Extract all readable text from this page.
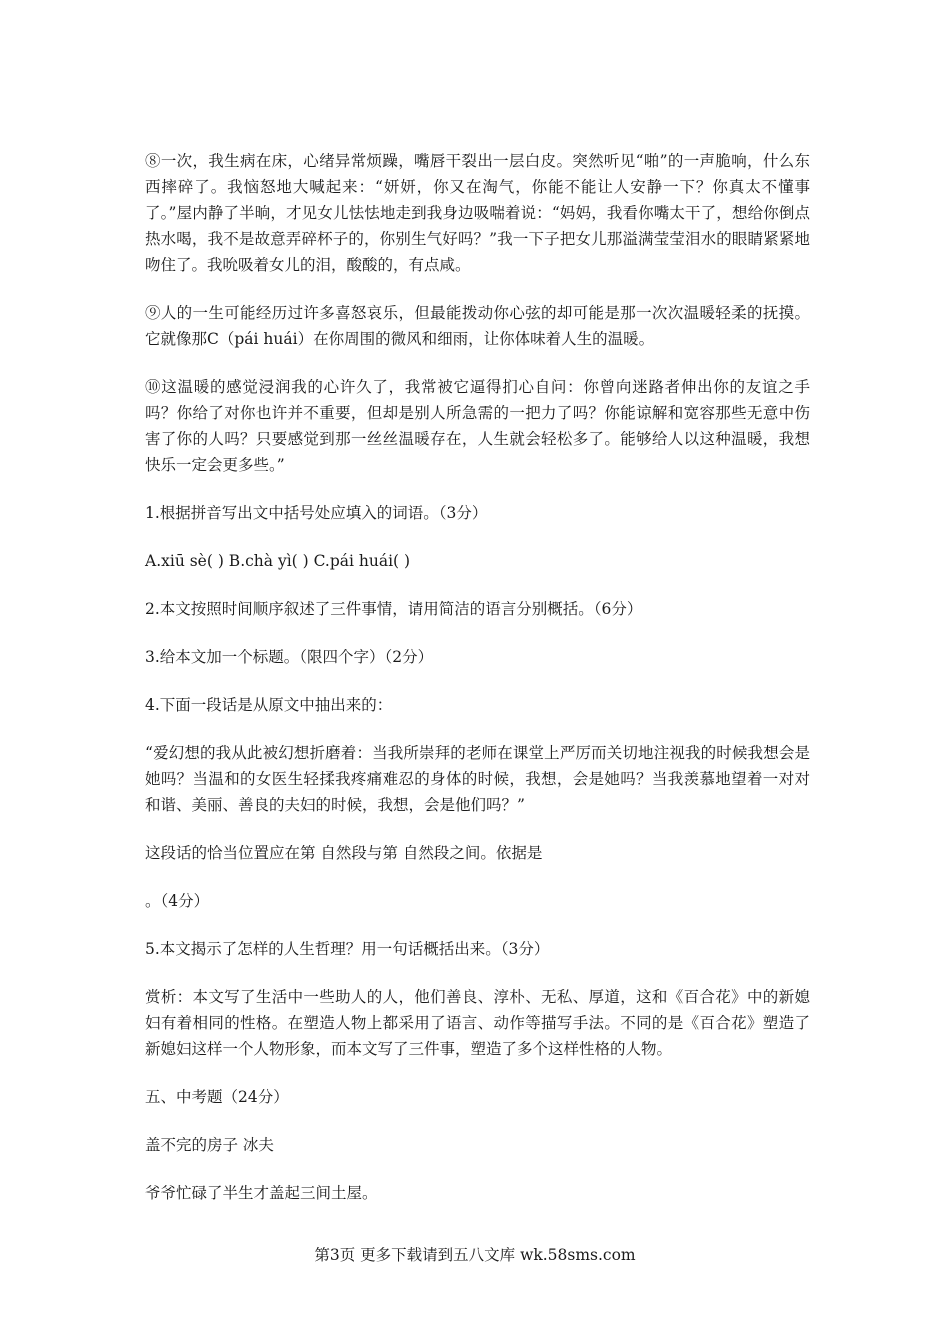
⑧一次，我生病在床，心绪异常烦躁，嘴唇干裂出一层白皮。突然听见“啪”的一声脆响，什么东西摔碎了。我恼怒地大喊起来：“妍妍，你又在淘气，你能不能让人安静一下？你真太不懂事了。”屋内静了半晌，才见女儿怯怯地走到我身边吸喘着说：“妈妈，我看你嘴太干了，想给你倒点热水喝，我不是故意弄碎杯子的，你别生气好吗？”我一下子把女儿那溢满莹莹泪水的眼睛紧紧地吻住了。我吮吸着女儿的泪，酸酸的，有点咸。

⑨人的一生可能经历过许多喜怒哀乐，但最能拨动你心弦的却可能是那一次次温暖轻柔的抚摸。它就像那C（pái huái）在你周围的微风和细雨，让你体味着人生的温暖。

⑩这温暖的感觉浸润我的心许久了，我常被它逼得扪心自问：你曾向迷路者伸出你的友谊之手吗？你给了对你也许并不重要，但却是别人所急需的一把力了吗？你能谅解和宽容那些无意中伤害了你的人吗？只要感觉到那一丝丝温暖存在，人生就会轻松多了。能够给人以这种温暖，我想快乐一定会更多些。”

1.根据拼音写出文中括号处应填入的词语。（3分）

A.xiū sè( ) B.chà yì( ) C.pái huái( )

2.本文按照时间顺序叙述了三件事情，请用简洁的语言分别概括。（6分）

3.给本文加一个标题。（限四个字）（2分）

4.下面一段话是从原文中抽出来的：

“爱幻想的我从此被幻想折磨着：当我所崇拜的老师在课堂上严厉而关切地注视我的时候我想会是她吗？当温和的女医生轻揉我疼痛难忍的身体的时候，我想，会是她吗？当我羡慕地望着一对对和谐、美丽、善良的夫妇的时候，我想，会是他们吗？”

这段话的恰当位置应在第 自然段与第 自然段之间。依据是

。（4分）

5.本文揭示了怎样的人生哲理？用一句话概括出来。（3分）

赏析：本文写了生活中一些助人的人，他们善良、淳朴、无私、厚道，这和《百合花》中的新媳妇有着相同的性格。在塑造人物上都采用了语言、动作等描写手法。不同的是《百合花》塑造了新媳妇这样一个人物形象，而本文写了三件事，塑造了多个这样性格的人物。

五、中考题（24分）

盖不完的房子 冰夫

爷爷忙碌了半生才盖起三间土屋。

第3页 更多下载请到五八文库 wk.58sms.com
